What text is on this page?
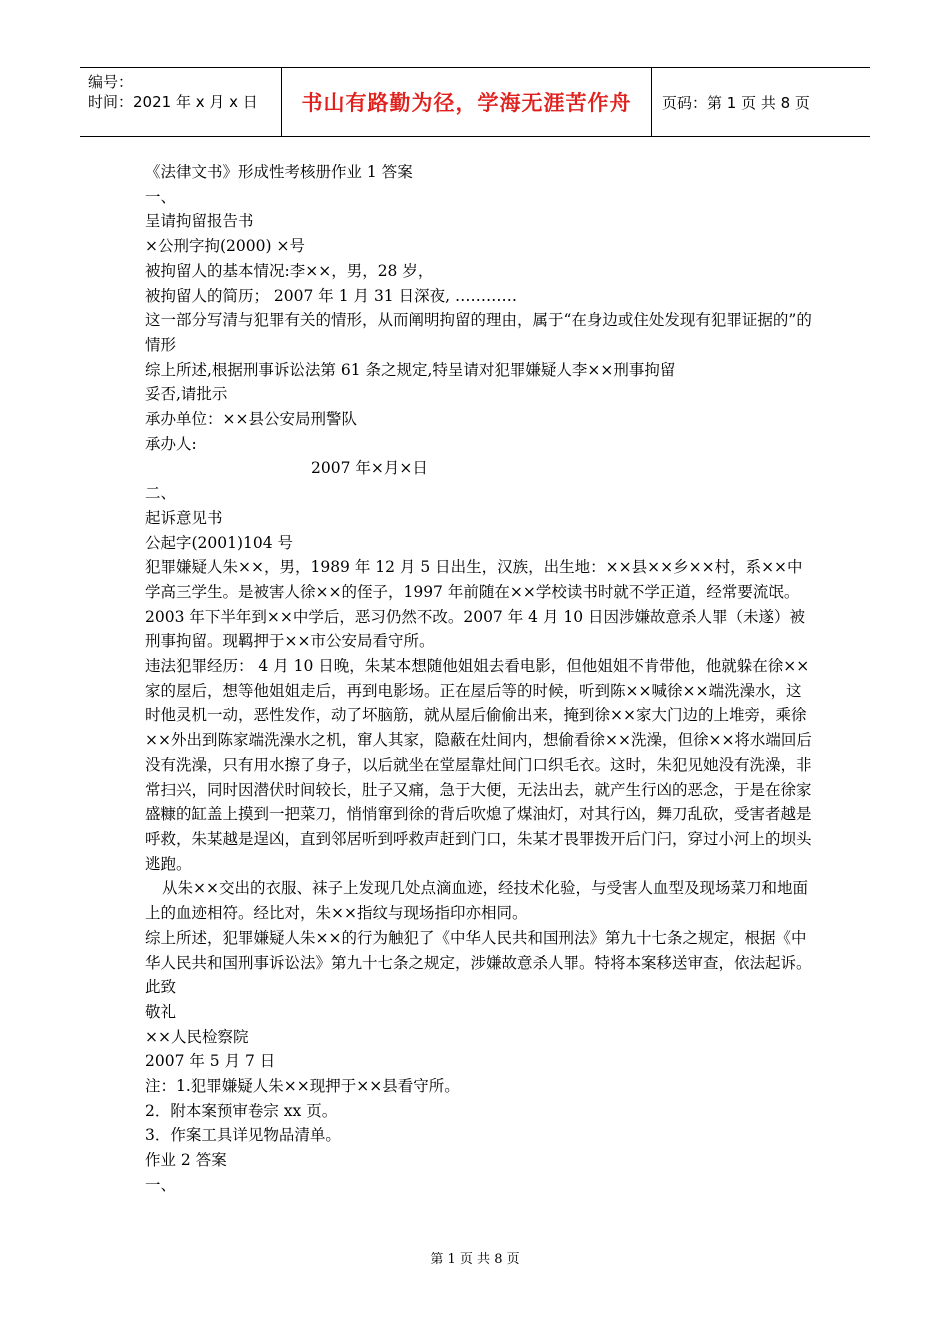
编号：
时间：2021 年 x 月 x 日	书山有路勤为径，学海无涯苦作舟	页码：第 1 页 共 8 页

《法律文书》形成性考核册作业 1 答案

一、

呈请拘留报告书

×公刑字拘(2000) ×号

被拘留人的基本情况:李××，男，28 岁，

被拘留人的简历； 2007 年 1 月 31 日深夜, …………

这一部分写清与犯罪有关的情形，从而阐明拘留的理由，属于“在身边或住处发现有犯罪证据的”的情形

综上所述,根据刑事诉讼法第 61 条之规定,特呈请对犯罪嫌疑人李××刑事拘留

妥否,请批示

承办单位：××县公安局刑警队

承办人:

2007 年×月×日

二、

起诉意见书

公起字(2001)104 号

犯罪嫌疑人朱××，男，1989 年 12 月 5 日出生，汉族，出生地：××县××乡××村，系××中学高三学生。是被害人徐××的侄子，1997 年前随在××学校读书时就不学正道，经常要流氓。2003 年下半年到××中学后，恶习仍然不改。2007 年 4 月 10 日因涉嫌故意杀人罪（未遂）被刑事拘留。现羁押于××市公安局看守所。

违法犯罪经历： 4 月 10 日晚，朱某本想随他姐姐去看电影，但他姐姐不肯带他，他就躲在徐××家的屋后，想等他姐姐走后，再到电影场。正在屋后等的时候，听到陈××喊徐××端洗澡水，这时他灵机一动，恶性发作，动了坏脑筋，就从屋后偷偷出来，掩到徐××家大门边的上堆旁，乘徐××外出到陈家端洗澡水之机，窜人其家，隐蔽在灶间内，想偷看徐××洗澡，但徐××将水端回后没有洗澡，只有用水擦了身子，以后就坐在堂屋靠灶间门口织毛衣。这时，朱犯见她没有洗澡，非常扫兴，同时因潜伏时间较长，肚子又痛，急于大便，无法出去，就产生行凶的恶念，于是在徐家盛糠的缸盖上摸到一把菜刀，悄悄窜到徐的背后吹熄了煤油灯，对其行凶，舞刀乱砍，受害者越是呼救，朱某越是逞凶，直到邻居听到呼救声赶到门口，朱某才畏罪拨开后门闩，穿过小河上的坝头逃跑。

从朱××交出的衣服、袜子上发现几处点滴血迹，经技术化验，与受害人血型及现场菜刀和地面上的血迹相符。经比对，朱××指纹与现场指印亦相同。

综上所述，犯罪嫌疑人朱××的行为触犯了《中华人民共和国刑法》第九十七条之规定，根据《中华人民共和国刑事诉讼法》第九十七条之规定，涉嫌故意杀人罪。特将本案移送审查，依法起诉。

此致

敬礼

××人民检察院

2007 年 5 月 7 日

注：1.犯罪嫌疑人朱××现押于××县看守所。

2．附本案预审卷宗 xx 页。

3．作案工具详见物品清单。

作业 2 答案

一、

第 1 页 共 8 页
